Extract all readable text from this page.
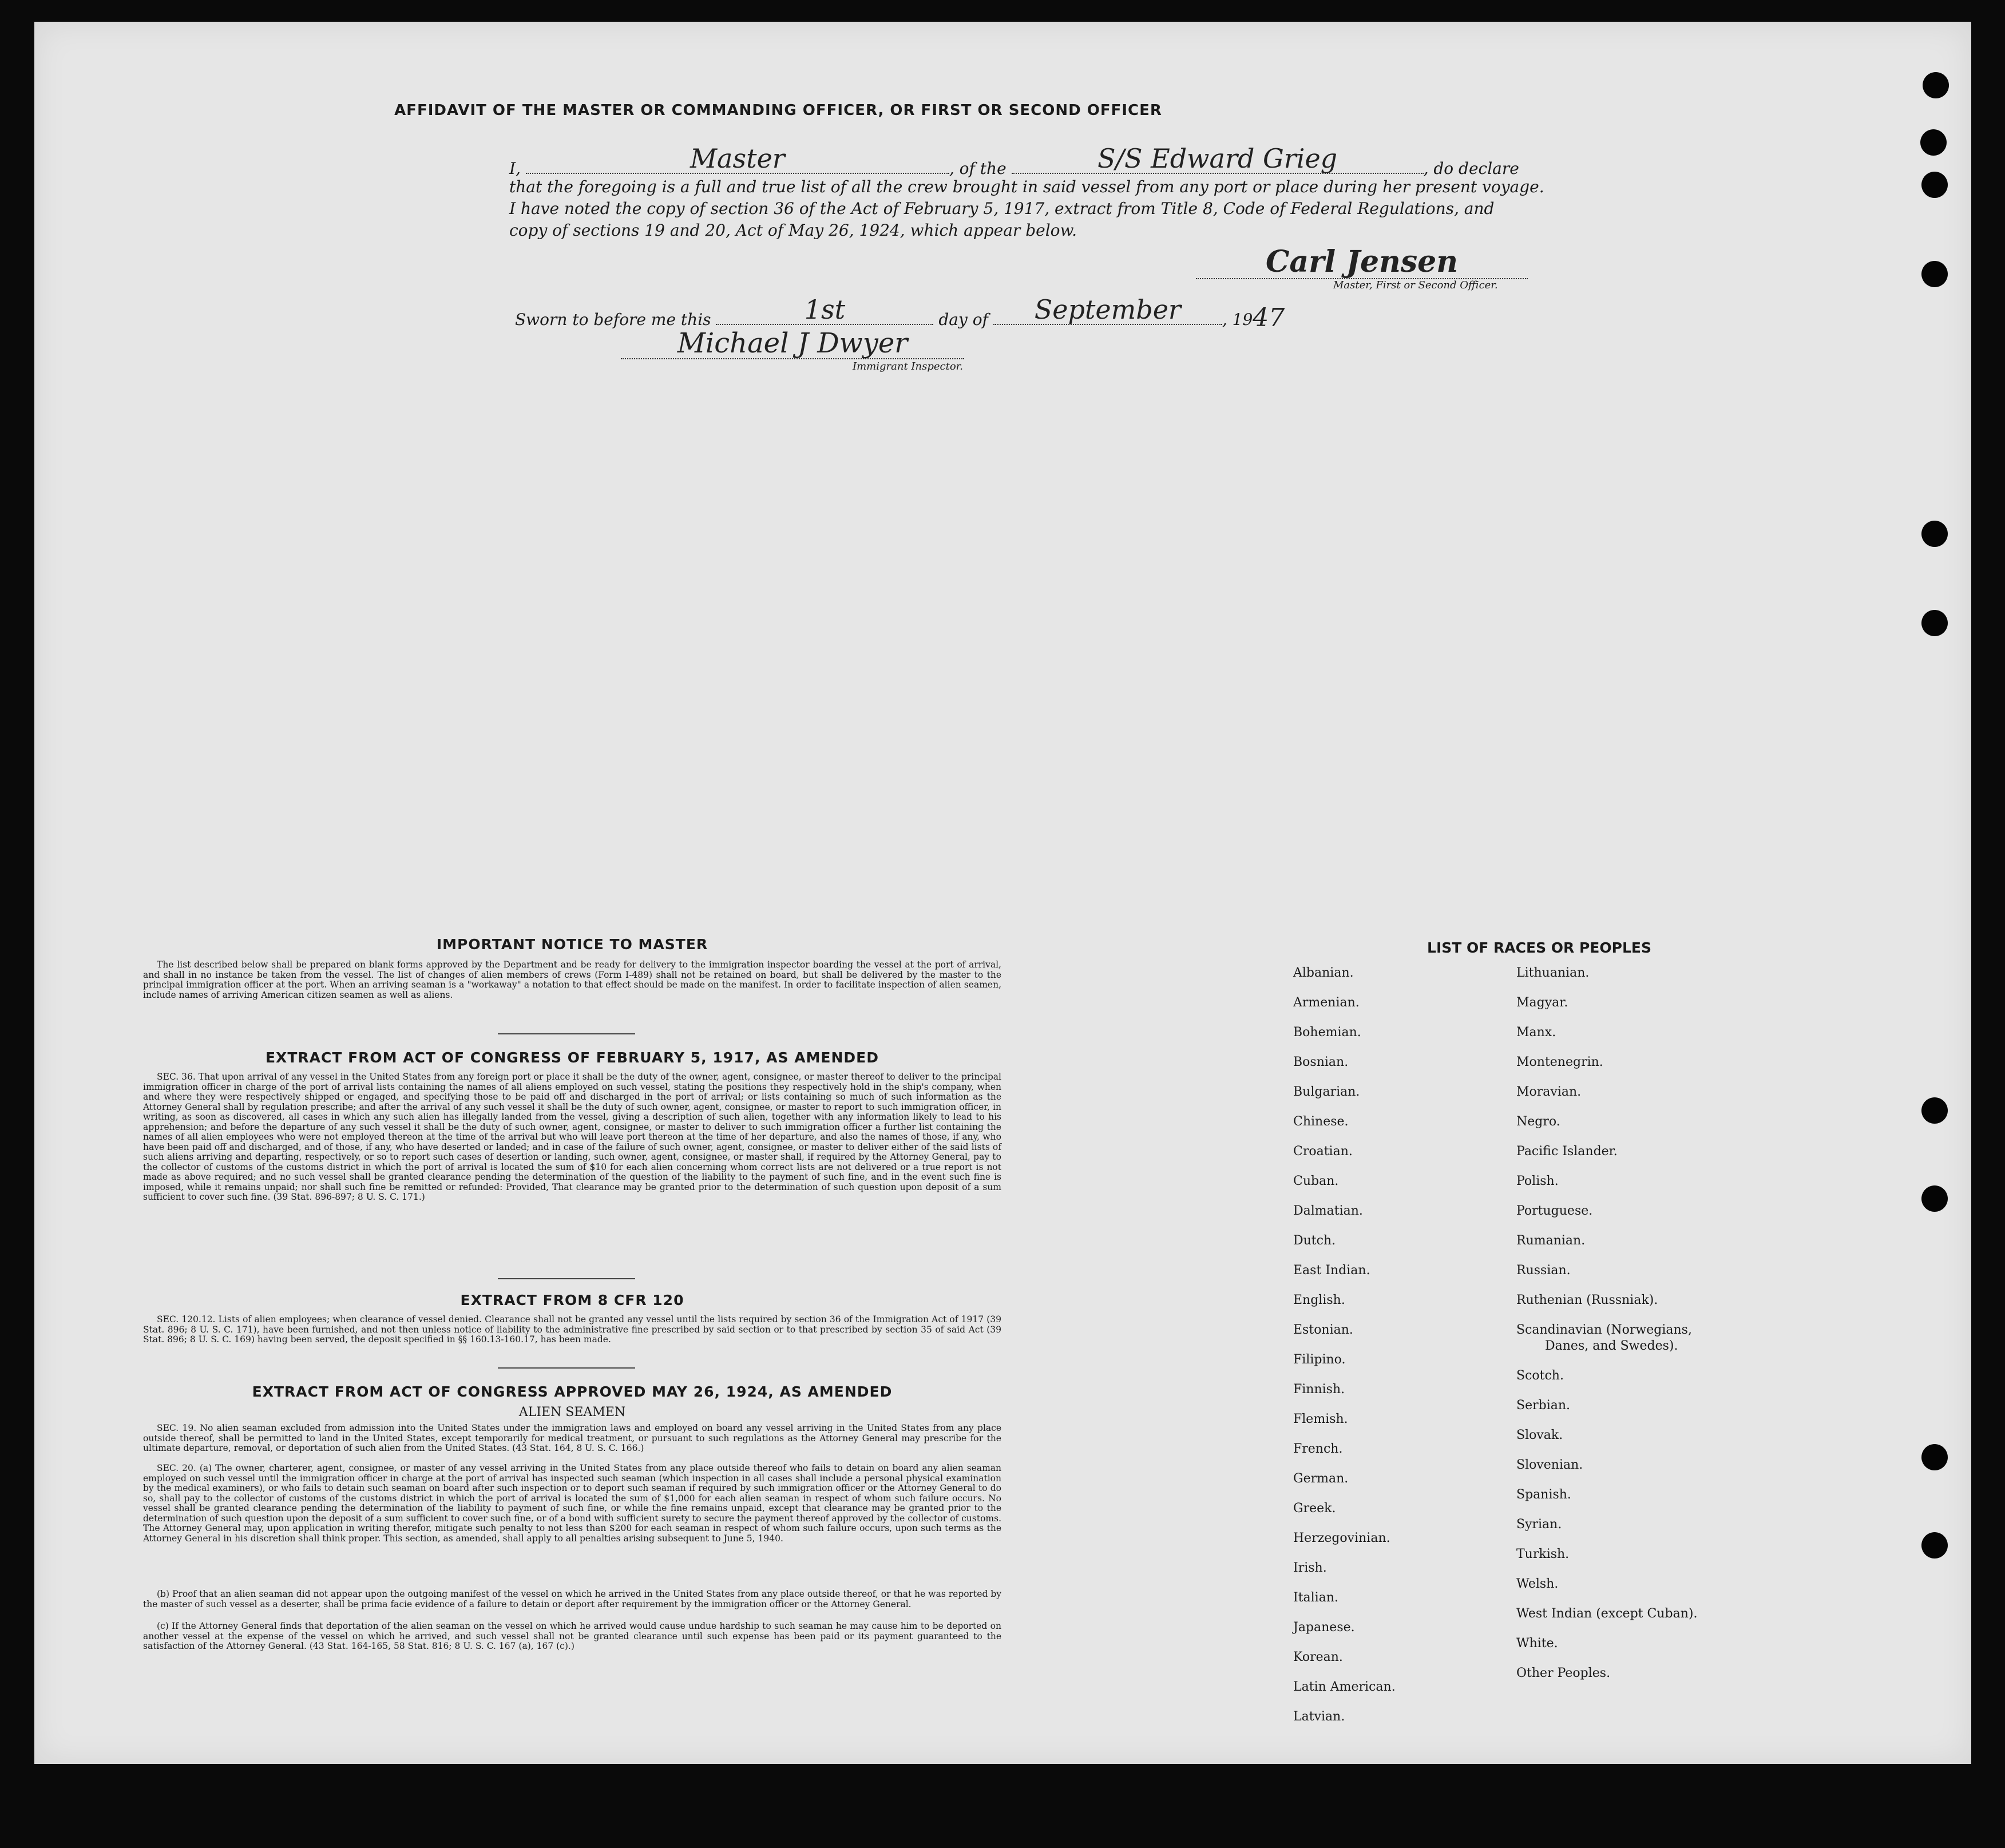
AFFIDAVIT OF THE MASTER OR COMMANDING OFFICER, OR FIRST OR SECOND OFFICER
I,	Master	, of the	S/S Edward Grieg	, do declare
that the foregoing is a full and true list of all the crew brought in said vessel from any port or place during her present voyage.
I have noted the copy of section 36 of the Act of February 5, 1917, extract from Title 8, Code of Federal Regulations, and
copy of sections 19 and 20, Act of May 26, 1924, which appear below.
Carl Jensen
Master, First or Second Officer.
Sworn to before me this	1st	day of	September	, 1947
Michael J Dwyer
Immigrant Inspector.
IMPORTANT NOTICE TO MASTER
The list described below shall be prepared on blank forms approved by the Department and be ready for delivery to the immigration inspector boarding the vessel at the port of arrival, and shall in no instance be taken from the vessel. The list of changes of alien members of crews (Form I-489) shall not be retained on board, but shall be delivered by the master to the principal immigration officer at the port. When an arriving seaman is a "workaway" a notation to that effect should be made on the manifest. In order to facilitate inspection of alien seamen, include names of arriving American citizen seamen as well as aliens.
EXTRACT FROM ACT OF CONGRESS OF FEBRUARY 5, 1917, AS AMENDED
SEC. 36. That upon arrival of any vessel in the United States from any foreign port or place it shall be the duty of the owner, agent, consignee, or master thereof to deliver to the principal immigration officer in charge of the port of arrival lists containing the names of all aliens employed on such vessel, stating the positions they respectively hold in the ship's company, when and where they were respectively shipped or engaged, and specifying those to be paid off and discharged in the port of arrival; or lists containing so much of such information as the Attorney General shall by regulation prescribe; and after the arrival of any such vessel it shall be the duty of such owner, agent, consignee, or master to report to such immigration officer, in writing, as soon as discovered, all cases in which any such alien has illegally landed from the vessel, giving a description of such alien, together with any information likely to lead to his apprehension; and before the departure of any such vessel it shall be the duty of such owner, agent, consignee, or master to deliver to such immigration officer a further list containing the names of all alien employees who were not employed thereon at the time of the arrival but who will leave port thereon at the time of her departure, and also the names of those, if any, who have been paid off and discharged, and of those, if any, who have deserted or landed; and in case of the failure of such owner, agent, consignee, or master to deliver either of the said lists of such aliens arriving and departing, respectively, or so to report such cases of desertion or landing, such owner, agent, consignee, or master shall, if required by the Attorney General, pay to the collector of customs of the customs district in which the port of arrival is located the sum of $10 for each alien concerning whom correct lists are not delivered or a true report is not made as above required; and no such vessel shall be granted clearance pending the determination of the question of the liability to the payment of such fine, and in the event such fine is imposed, while it remains unpaid; nor shall such fine be remitted or refunded: Provided, That clearance may be granted prior to the determination of such question upon deposit of a sum sufficient to cover such fine. (39 Stat. 896-897; 8 U. S. C. 171.)
EXTRACT FROM 8 CFR 120
SEC. 120.12. Lists of alien employees; when clearance of vessel denied. Clearance shall not be granted any vessel until the lists required by section 36 of the Immigration Act of 1917 (39 Stat. 896; 8 U. S. C. 171), have been furnished, and not then unless notice of liability to the administrative fine prescribed by said section or to that prescribed by section 35 of said Act (39 Stat. 896; 8 U. S. C. 169) having been served, the deposit specified in §§ 160.13-160.17, has been made.
EXTRACT FROM ACT OF CONGRESS APPROVED MAY 26, 1924, AS AMENDED
ALIEN SEAMEN
SEC. 19. No alien seaman excluded from admission into the United States under the immigration laws and employed on board any vessel arriving in the United States from any place outside thereof, shall be permitted to land in the United States, except temporarily for medical treatment, or pursuant to such regulations as the Attorney General may prescribe for the ultimate departure, removal, or deportation of such alien from the United States. (43 Stat. 164, 8 U. S. C. 166.)
SEC. 20. (a) The owner, charterer, agent, consignee, or master of any vessel arriving in the United States from any place outside thereof who fails to detain on board any alien seaman employed on such vessel until the immigration officer in charge at the port of arrival has inspected such seaman (which inspection in all cases shall include a personal physical examination by the medical examiners), or who fails to detain such seaman on board after such inspection or to deport such seaman if required by such immigration officer or the Attorney General to do so, shall pay to the collector of customs of the customs district in which the port of arrival is located the sum of $1,000 for each alien seaman in respect of whom such failure occurs. No vessel shall be granted clearance pending the determination of the liability to payment of such fine, or while the fine remains unpaid, except that clearance may be granted prior to the determination of such question upon the deposit of a sum sufficient to cover such fine, or of a bond with sufficient surety to secure the payment thereof approved by the collector of customs. The Attorney General may, upon application in writing therefor, mitigate such penalty to not less than $200 for each seaman in respect of whom such failure occurs, upon such terms as the Attorney General in his discretion shall think proper. This section, as amended, shall apply to all penalties arising subsequent to June 5, 1940.
(b) Proof that an alien seaman did not appear upon the outgoing manifest of the vessel on which he arrived in the United States from any place outside thereof, or that he was reported by the master of such vessel as a deserter, shall be prima facie evidence of a failure to detain or deport after requirement by the immigration officer or the Attorney General.
(c) If the Attorney General finds that deportation of the alien seaman on the vessel on which he arrived would cause undue hardship to such seaman he may cause him to be deported on another vessel at the expense of the vessel on which he arrived, and such vessel shall not be granted clearance until such expense has been paid or its payment guaranteed to the satisfaction of the Attorney General. (43 Stat. 164-165, 58 Stat. 816; 8 U. S. C. 167 (a), 167 (c).)
LIST OF RACES OR PEOPLES
Albanian.
Armenian.
Bohemian.
Bosnian.
Bulgarian.
Chinese.
Croatian.
Cuban.
Dalmatian.
Dutch.
East Indian.
English.
Estonian.
Filipino.
Finnish.
Flemish.
French.
German.
Greek.
Herzegovinian.
Irish.
Italian.
Japanese.
Korean.
Latin American.
Latvian.
Lithuanian.
Magyar.
Manx.
Montenegrin.
Moravian.
Negro.
Pacific Islander.
Polish.
Portuguese.
Rumanian.
Russian.
Ruthenian (Russniak).
Scandinavian (Norwegians,
Danes, and Swedes).
Scotch.
Serbian.
Slovak.
Slovenian.
Spanish.
Syrian.
Turkish.
Welsh.
West Indian (except Cuban).
White.
Other Peoples.
